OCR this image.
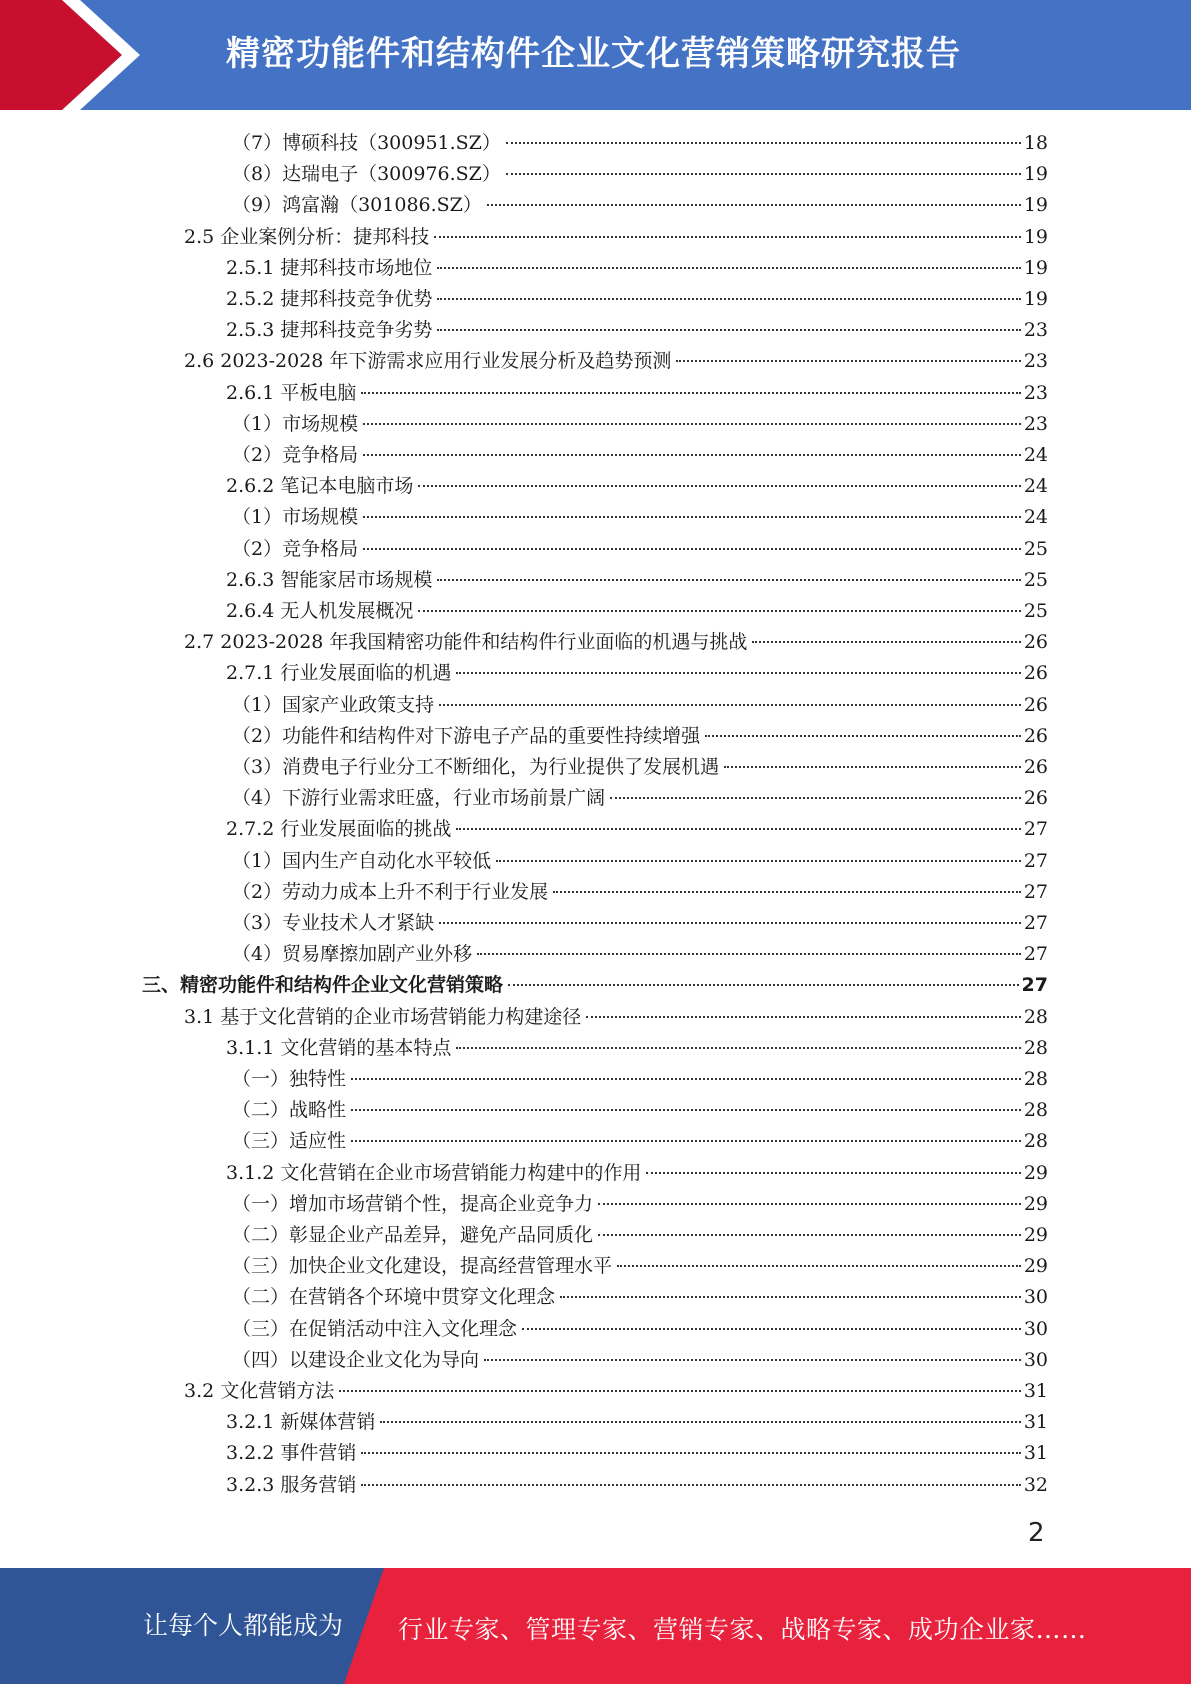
精密功能件和结构件企业文化营销策略研究报告
（7）博硕科技（300951.SZ）	18
（8）达瑞电子（300976.SZ）	19
（9）鸿富瀚（301086.SZ）	19
2.5 企业案例分析：捷邦科技	19
2.5.1 捷邦科技市场地位	19
2.5.2 捷邦科技竞争优势	19
2.5.3 捷邦科技竞争劣势	23
2.6 2023-2028 年下游需求应用行业发展分析及趋势预测	23
2.6.1 平板电脑	23
（1）市场规模	23
（2）竞争格局	24
2.6.2 笔记本电脑市场	24
（1）市场规模	24
（2）竞争格局	25
2.6.3 智能家居市场规模	25
2.6.4 无人机发展概况	25
2.7 2023-2028 年我国精密功能件和结构件行业面临的机遇与挑战	26
2.7.1 行业发展面临的机遇	26
（1）国家产业政策支持	26
（2）功能件和结构件对下游电子产品的重要性持续增强	26
（3）消费电子行业分工不断细化，为行业提供了发展机遇	26
（4）下游行业需求旺盛，行业市场前景广阔	26
2.7.2 行业发展面临的挑战	27
（1）国内生产自动化水平较低	27
（2）劳动力成本上升不利于行业发展	27
（3）专业技术人才紧缺	27
（4）贸易摩擦加剧产业外移	27
三、精密功能件和结构件企业文化营销策略	27
3.1 基于文化营销的企业市场营销能力构建途径	28
3.1.1 文化营销的基本特点	28
（一）独特性	28
（二）战略性	28
（三）适应性	28
3.1.2 文化营销在企业市场营销能力构建中的作用	29
（一）增加市场营销个性，提高企业竞争力	29
（二）彰显企业产品差异，避免产品同质化	29
（三）加快企业文化建设，提高经营管理水平	29
（二）在营销各个环境中贯穿文化理念	30
（三）在促销活动中注入文化理念	30
（四）以建设企业文化为导向	30
3.2 文化营销方法	31
3.2.1 新媒体营销	31
3.2.2 事件营销	31
3.2.3 服务营销	32
2
让每个人都能成为 行业专家、管理专家、营销专家、战略专家、成功企业家……
